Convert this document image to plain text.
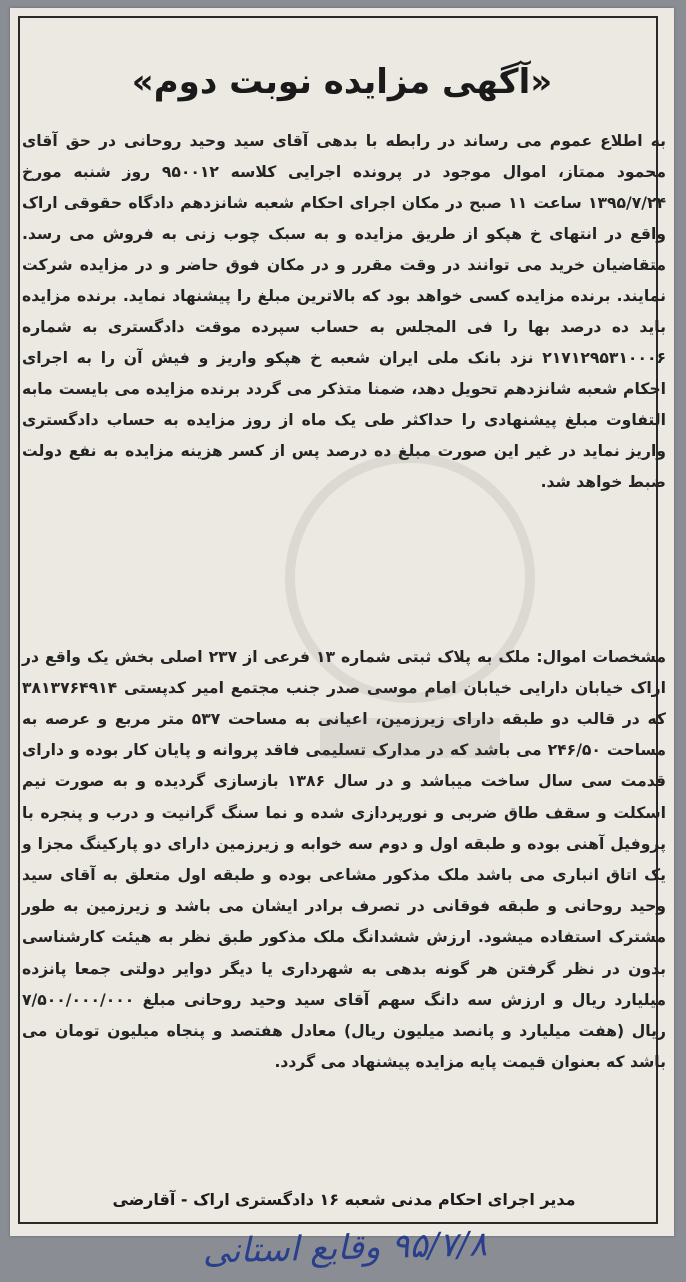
«آگهی مزایده نوبت دوم»

به اطلاع عموم می رساند در رابطه با بدهی آقای سید وحید روحانی در حق آقای محمود ممتاز، اموال موجود در پرونده اجرایی کلاسه ۹۵۰۰۱۲ روز شنبه مورخ ۱۳۹۵/۷/۲۴ ساعت ۱۱ صبح در مکان اجرای احکام شعبه شانزدهم دادگاه حقوقی اراک واقع در انتهای خ هپکو از طریق مزایده و به سبک چوب زنی به فروش می رسد. متقاضیان خرید می توانند در وقت مقرر و در مکان فوق حاضر و در مزایده شرکت نمایند. برنده مزایده کسی خواهد بود که بالاترین مبلغ را پیشنهاد نماید. برنده مزایده باید ده درصد بها را فی المجلس به حساب سپرده موقت دادگستری به شماره ۲۱۷۱۲۹۵۳۱۰۰۰۶ نزد بانک ملی ایران شعبه خ هپکو واریز و فیش آن را به اجرای احکام شعبه شانزدهم تحویل دهد، ضمنا متذکر می گردد برنده مزایده می بایست مابه التفاوت مبلغ پیشنهادی را حداکثر طی یک ماه از روز مزایده به حساب دادگستری واریز نماید در غیر این صورت مبلغ ده درصد پس از کسر هزینه مزایده به نفع دولت ضبط خواهد شد.

مشخصات اموال: ملک به پلاک ثبتی شماره ۱۳ فرعی از ۲۳۷ اصلی بخش یک واقع در اراک خیابان دارایی خیابان امام موسی صدر جنب مجتمع امیر کدپستی ۳۸۱۳۷۶۴۹۱۴ که در قالب دو طبقه دارای زیرزمین، اعیانی به مساحت ۵۳۷ متر مربع و عرصه به مساحت ۲۴۶/۵۰ می باشد که در مدارک تسلیمی فاقد پروانه و پایان کار بوده و دارای قدمت سی سال ساخت میباشد و در سال ۱۳۸۶ بازسازی گردیده و به صورت نیم اسکلت و سقف طاق ضربی و نورپردازی شده و نما سنگ گرانیت و درب و پنجره با پروفیل آهنی بوده و طبقه اول و دوم سه خوابه و زیرزمین دارای دو پارکینگ مجزا و یک اتاق انباری می باشد ملک مذکور مشاعی بوده و طبقه اول متعلق به آقای سید وحید روحانی و طبقه فوقانی در تصرف برادر ایشان می باشد و زیرزمین به طور مشترک استفاده میشود. ارزش ششدانگ ملک مذکور طبق نظر به هیئت کارشناسی بدون در نظر گرفتن هر گونه بدهی به شهرداری یا دیگر دوایر دولتی جمعا پانزده میلیارد ریال و ارزش سه دانگ سهم آقای سید وحید روحانی مبلغ ۷/۵۰۰/۰۰۰/۰۰۰ ریال (هفت میلیارد و پانصد میلیون ریال) معادل هفتصد و پنجاه میلیون تومان می باشد که بعنوان قیمت پایه مزایده پیشنهاد می گردد.

مدیر اجرای احکام مدنی شعبه ۱۶ دادگستری اراک - آقارضی
۹۵/۷/۸ وقایع استانی
